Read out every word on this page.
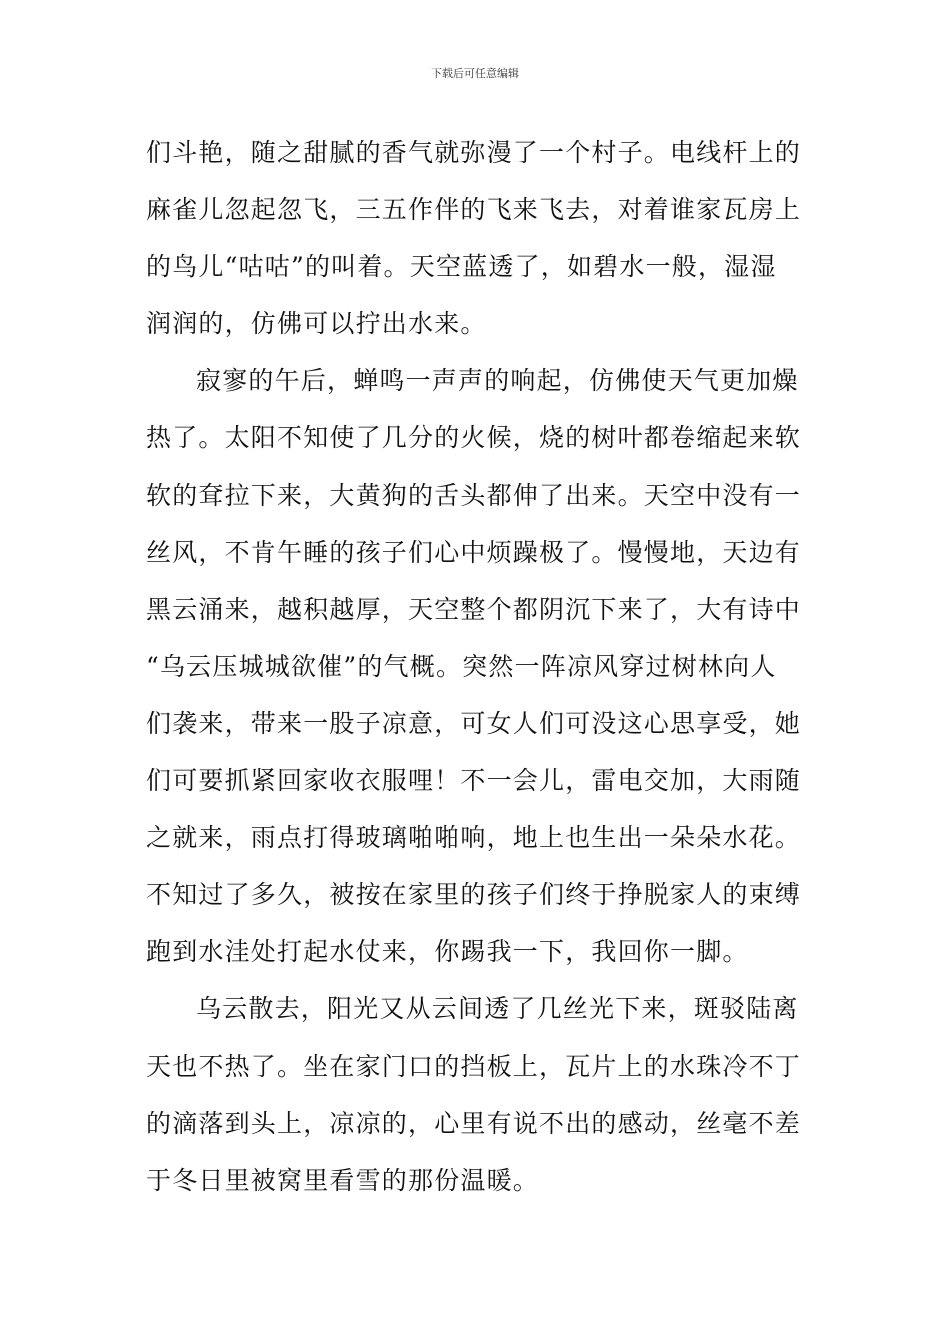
下载后可任意编辑

们斗艳，随之甜腻的香气就弥漫了一个村子。电线杆上的
麻雀儿忽起忽飞，三五作伴的飞来飞去，对着谁家瓦房上
的鸟儿“咕咕”的叫着。天空蓝透了，如碧水一般，湿湿
润润的，仿佛可以拧出水来。

寂寥的午后，蝉鸣一声声的响起，仿佛使天气更加燥
热了。太阳不知使了几分的火候，烧的树叶都卷缩起来软
软的耷拉下来，大黄狗的舌头都伸了出来。天空中没有一
丝风，不肯午睡的孩子们心中烦躁极了。慢慢地，天边有
黑云涌来，越积越厚，天空整个都阴沉下来了，大有诗中
“乌云压城城欲催”的气概。突然一阵凉风穿过树林向人
们袭来，带来一股子凉意，可女人们可没这心思享受，她
们可要抓紧回家收衣服哩！不一会儿，雷电交加，大雨随
之就来，雨点打得玻璃啪啪响，地上也生出一朵朵水花。
不知过了多久，被按在家里的孩子们终于挣脱家人的束缚
跑到水洼处打起水仗来，你踢我一下，我回你一脚。

乌云散去，阳光又从云间透了几丝光下来，斑驳陆离
天也不热了。坐在家门口的挡板上，瓦片上的水珠冷不丁
的滴落到头上，凉凉的，心里有说不出的感动，丝毫不差
于冬日里被窝里看雪的那份温暖。
